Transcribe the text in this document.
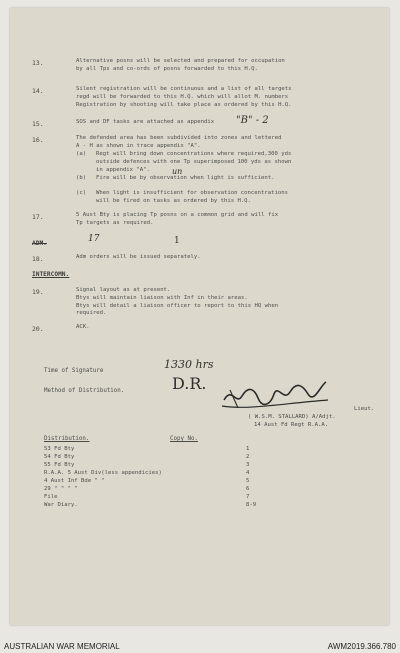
13.	Alternative posns will be selected and prepared for occupation
by all Tps and co-ords of posns forwarded to this H.Q.
14.	Silent registration will be continuous and a list of all targets
regd will be forwarded to this H.Q. which will allot M. numbers
Registration by shooting will take place as ordered by this H.Q.
15.	SOS and DF tasks are attached as appendix	"B" - 2
16.	The defended area has been subdivided into zones and lettered
A - H as shown in trace appendix "A".
(a) Regt will bring down concentrations where required,300 yds
outside defences with one Tp superimposed 100 yds as shown
in appendix "A".	un
(b) Fire will be by observation when light is sufficient.
(c) When light is insufficient for observation concentrations
will be fired on tasks as ordered by this H.Q.
17.	5 Aust Bty is placing Tp posns on a common grid and will fix
Tp targets as required.
ADM.	17	1
18.	Adm orders will be issued separately.
INTERCOMN.
19.	Signal layout as at present.
Btys will maintain liaison with Inf in their areas.
Btys will detail a liaison officer to report to this HQ when
required.
20.	ACK.
Time of Signature	1330 hrs
Method of Distribution.	D.R.
Lieut.
( W.S.M. STALLARD) A/Adjt.
14 Aust Fd Regt R.A.A.
Distribution.	Copy No.
53 Fd Bty	1
54 Fd Bty	2
55 Fd Bty	3
R.A.A. 5 Aust Div(less appendicies)	4
4 Aust Inf Bde " "	5
29 " " " "	6
File	7
War Diary.	8-9
AUSTRALIAN WAR MEMORIAL	AWM2019.366.780
